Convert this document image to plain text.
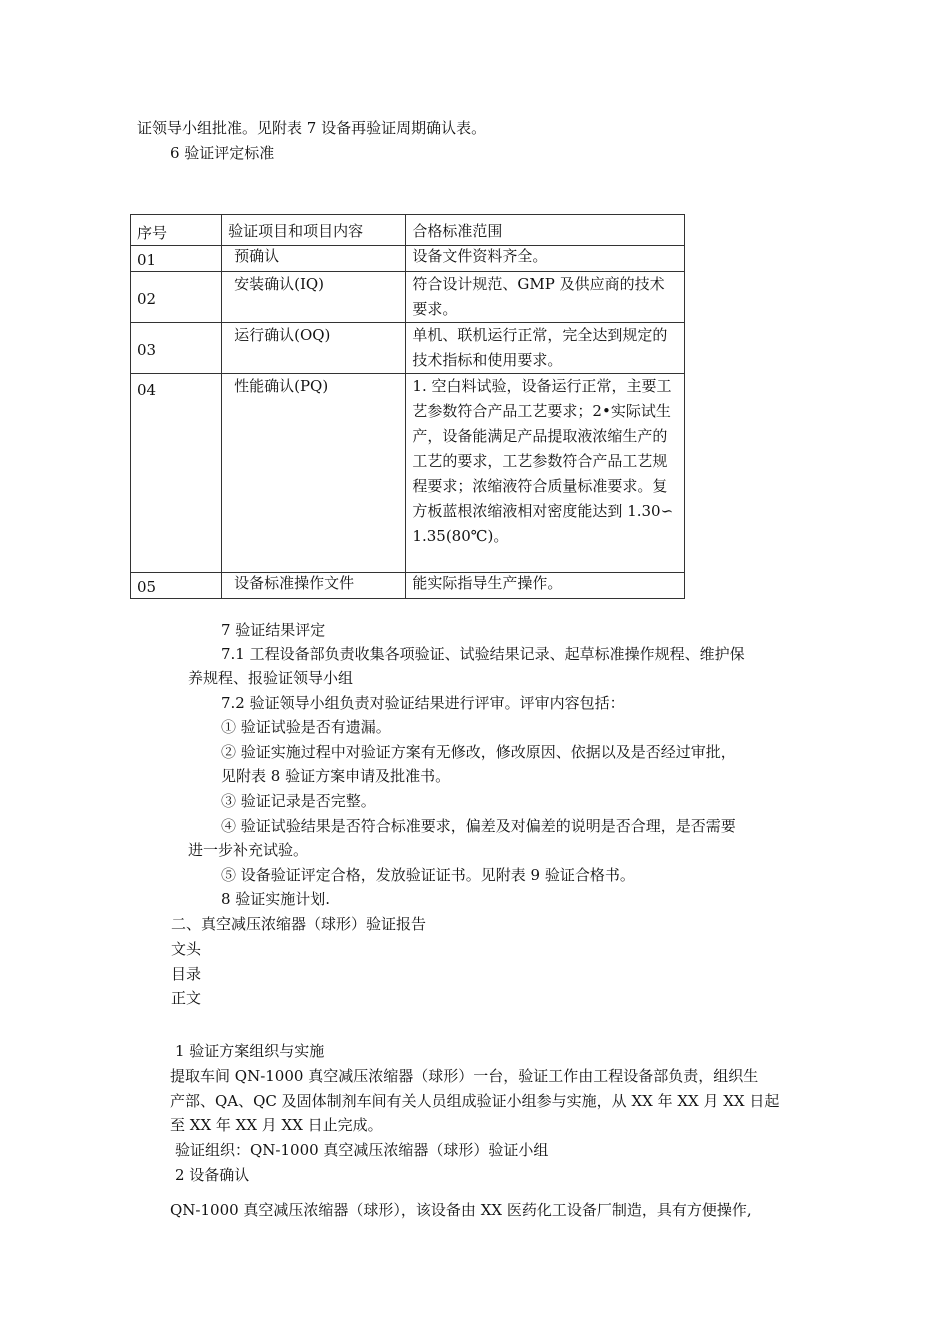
证领导小组批准。见附表 7 设备再验证周期确认表。
6 验证评定标准
序号	验证项目和项目内容	合格标准范围
01	预确认	设备文件资料齐全。
02	安装确认(IQ)	符合设计规范、GMP 及供应商的技术要求。
03	运行确认(OQ)	单机、联机运行正常，完全达到规定的技术指标和使用要求。
04	性能确认(PQ)	1. 空白料试验，设备运行正常，主要工艺参数符合产品工艺要求；2•实际试生产，设备能满足产品提取液浓缩生产的工艺的要求，工艺参数符合产品工艺规程要求；浓缩液符合质量标准要求。复方板蓝根浓缩液相对密度能达到 1.30∽1.35(80℃)。
05	设备标准操作文件	能实际指导生产操作。
7 验证结果评定
7.1 工程设备部负责收集各项验证、试验结果记录、起草标准操作规程、维护保
养规程、报验证领导小组
7.2 验证领导小组负责对验证结果进行评审。评审内容包括：
① 验证试验是否有遗漏。
② 验证实施过程中对验证方案有无修改，修改原因、依据以及是否经过审批，
见附表 8 验证方案申请及批准书。
③ 验证记录是否完整。
④ 验证试验结果是否符合标准要求，偏差及对偏差的说明是否合理，是否需要
进一步补充试验。
⑤ 设备验证评定合格，发放验证证书。见附表 9 验证合格书。
8 验证实施计划.
二、真空减压浓缩器（球形）验证报告
文头
目录
正文
1 验证方案组织与实施
提取车间 QN-1000 真空减压浓缩器（球形）一台，验证工作由工程设备部负责，组织生
产部、QA、QC 及固体制剂车间有关人员组成验证小组参与实施，从 XX 年 XX 月 XX 日起
至 XX 年 XX 月 XX 日止完成。
验证组织：QN-1000 真空减压浓缩器（球形）验证小组
2 设备确认
QN-1000 真空减压浓缩器（球形），该设备由 XX 医药化工设备厂制造，具有方便操作,
